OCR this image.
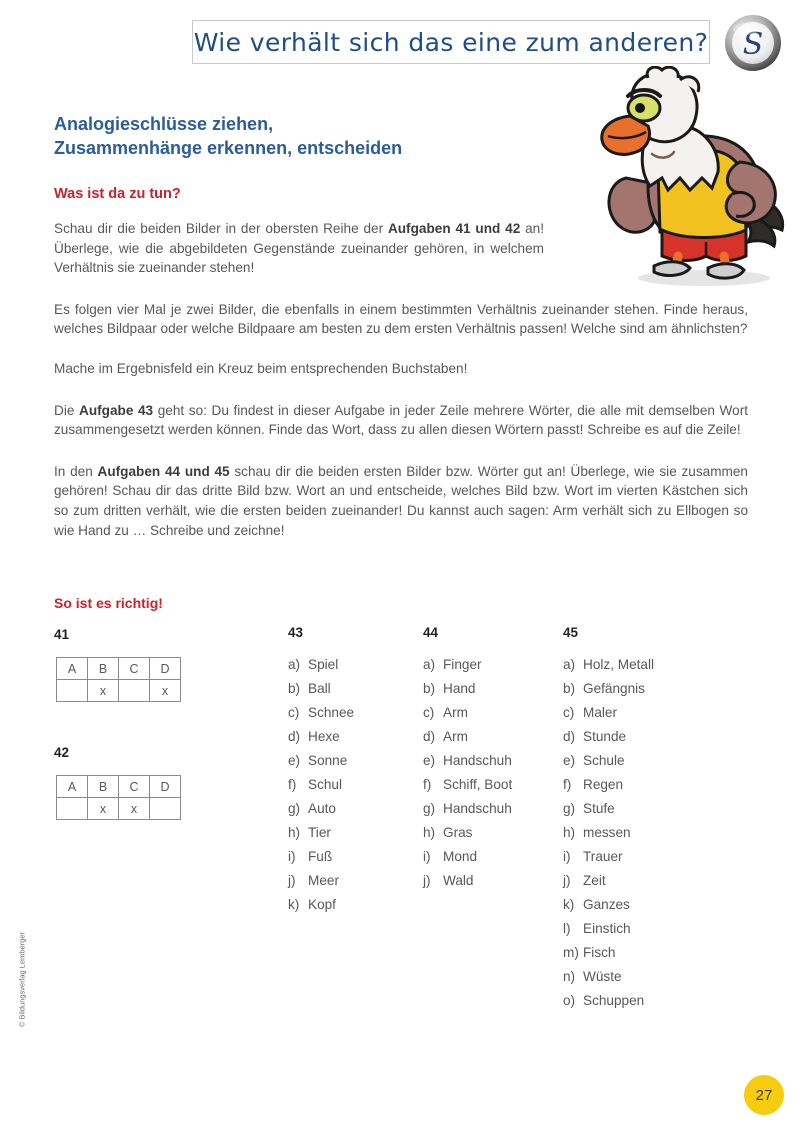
Wie verhält sich das eine zum anderen? S
Analogieschlüsse ziehen,
Zusammenhänge erkennen, entscheiden
Was ist da zu tun?

Schau dir die beiden Bilder in der obersten Reihe der Aufgaben 41 und 42 an! Überlege, wie die abgebildeten Gegenstände zueinander gehören, in welchem Verhältnis sie zueinander stehen!

Es folgen vier Mal je zwei Bilder, die ebenfalls in einem bestimmten Verhältnis zueinander stehen. Finde heraus, welches Bildpaar oder welche Bildpaare am besten zu dem ersten Verhältnis passen! Welche sind am ähnlichsten?

Mache im Ergebnisfeld ein Kreuz beim entsprechenden Buchstaben!

Die Aufgabe 43 geht so: Du findest in dieser Aufgabe in jeder Zeile mehrere Wörter, die alle mit demselben Wort zusammengesetzt werden können. Finde das Wort, dass zu allen diesen Wörtern passt! Schreibe es auf die Zeile!

In den Aufgaben 44 und 45 schau dir die beiden ersten Bilder bzw. Wörter gut an! Überlege, wie sie zusammen gehören! Schau dir das dritte Bild bzw. Wort an und entscheide, welches Bild bzw. Wort im vierten Kästchen sich so zum dritten verhält, wie die ersten beiden zueinander! Du kannst auch sagen: Arm verhält sich zu Ellbogen so wie Hand zu … Schreibe und zeichne!

So ist es richtig!
41
A	B	C	D
	x		x
42
A	B	C	D
	x	x	
43
a) Spiel
b) Ball
c) Schnee
d) Hexe
e) Sonne
f) Schul
g) Auto
h) Tier
i) Fuß
j) Meer
k) Kopf
44
a) Finger
b) Hand
c) Arm
d) Arm
e) Handschuh
f) Schiff, Boot
g) Handschuh
h) Gras
i) Mond
j) Wald
45
a) Holz, Metall
b) Gefängnis
c) Maler
d) Stunde
e) Schule
f) Regen
g) Stufe
h) messen
i) Trauer
j) Zeit
k) Ganzes
l) Einstich
m) Fisch
n) Wüste
o) Schuppen
© Bildungsverlag Lemberger
27
